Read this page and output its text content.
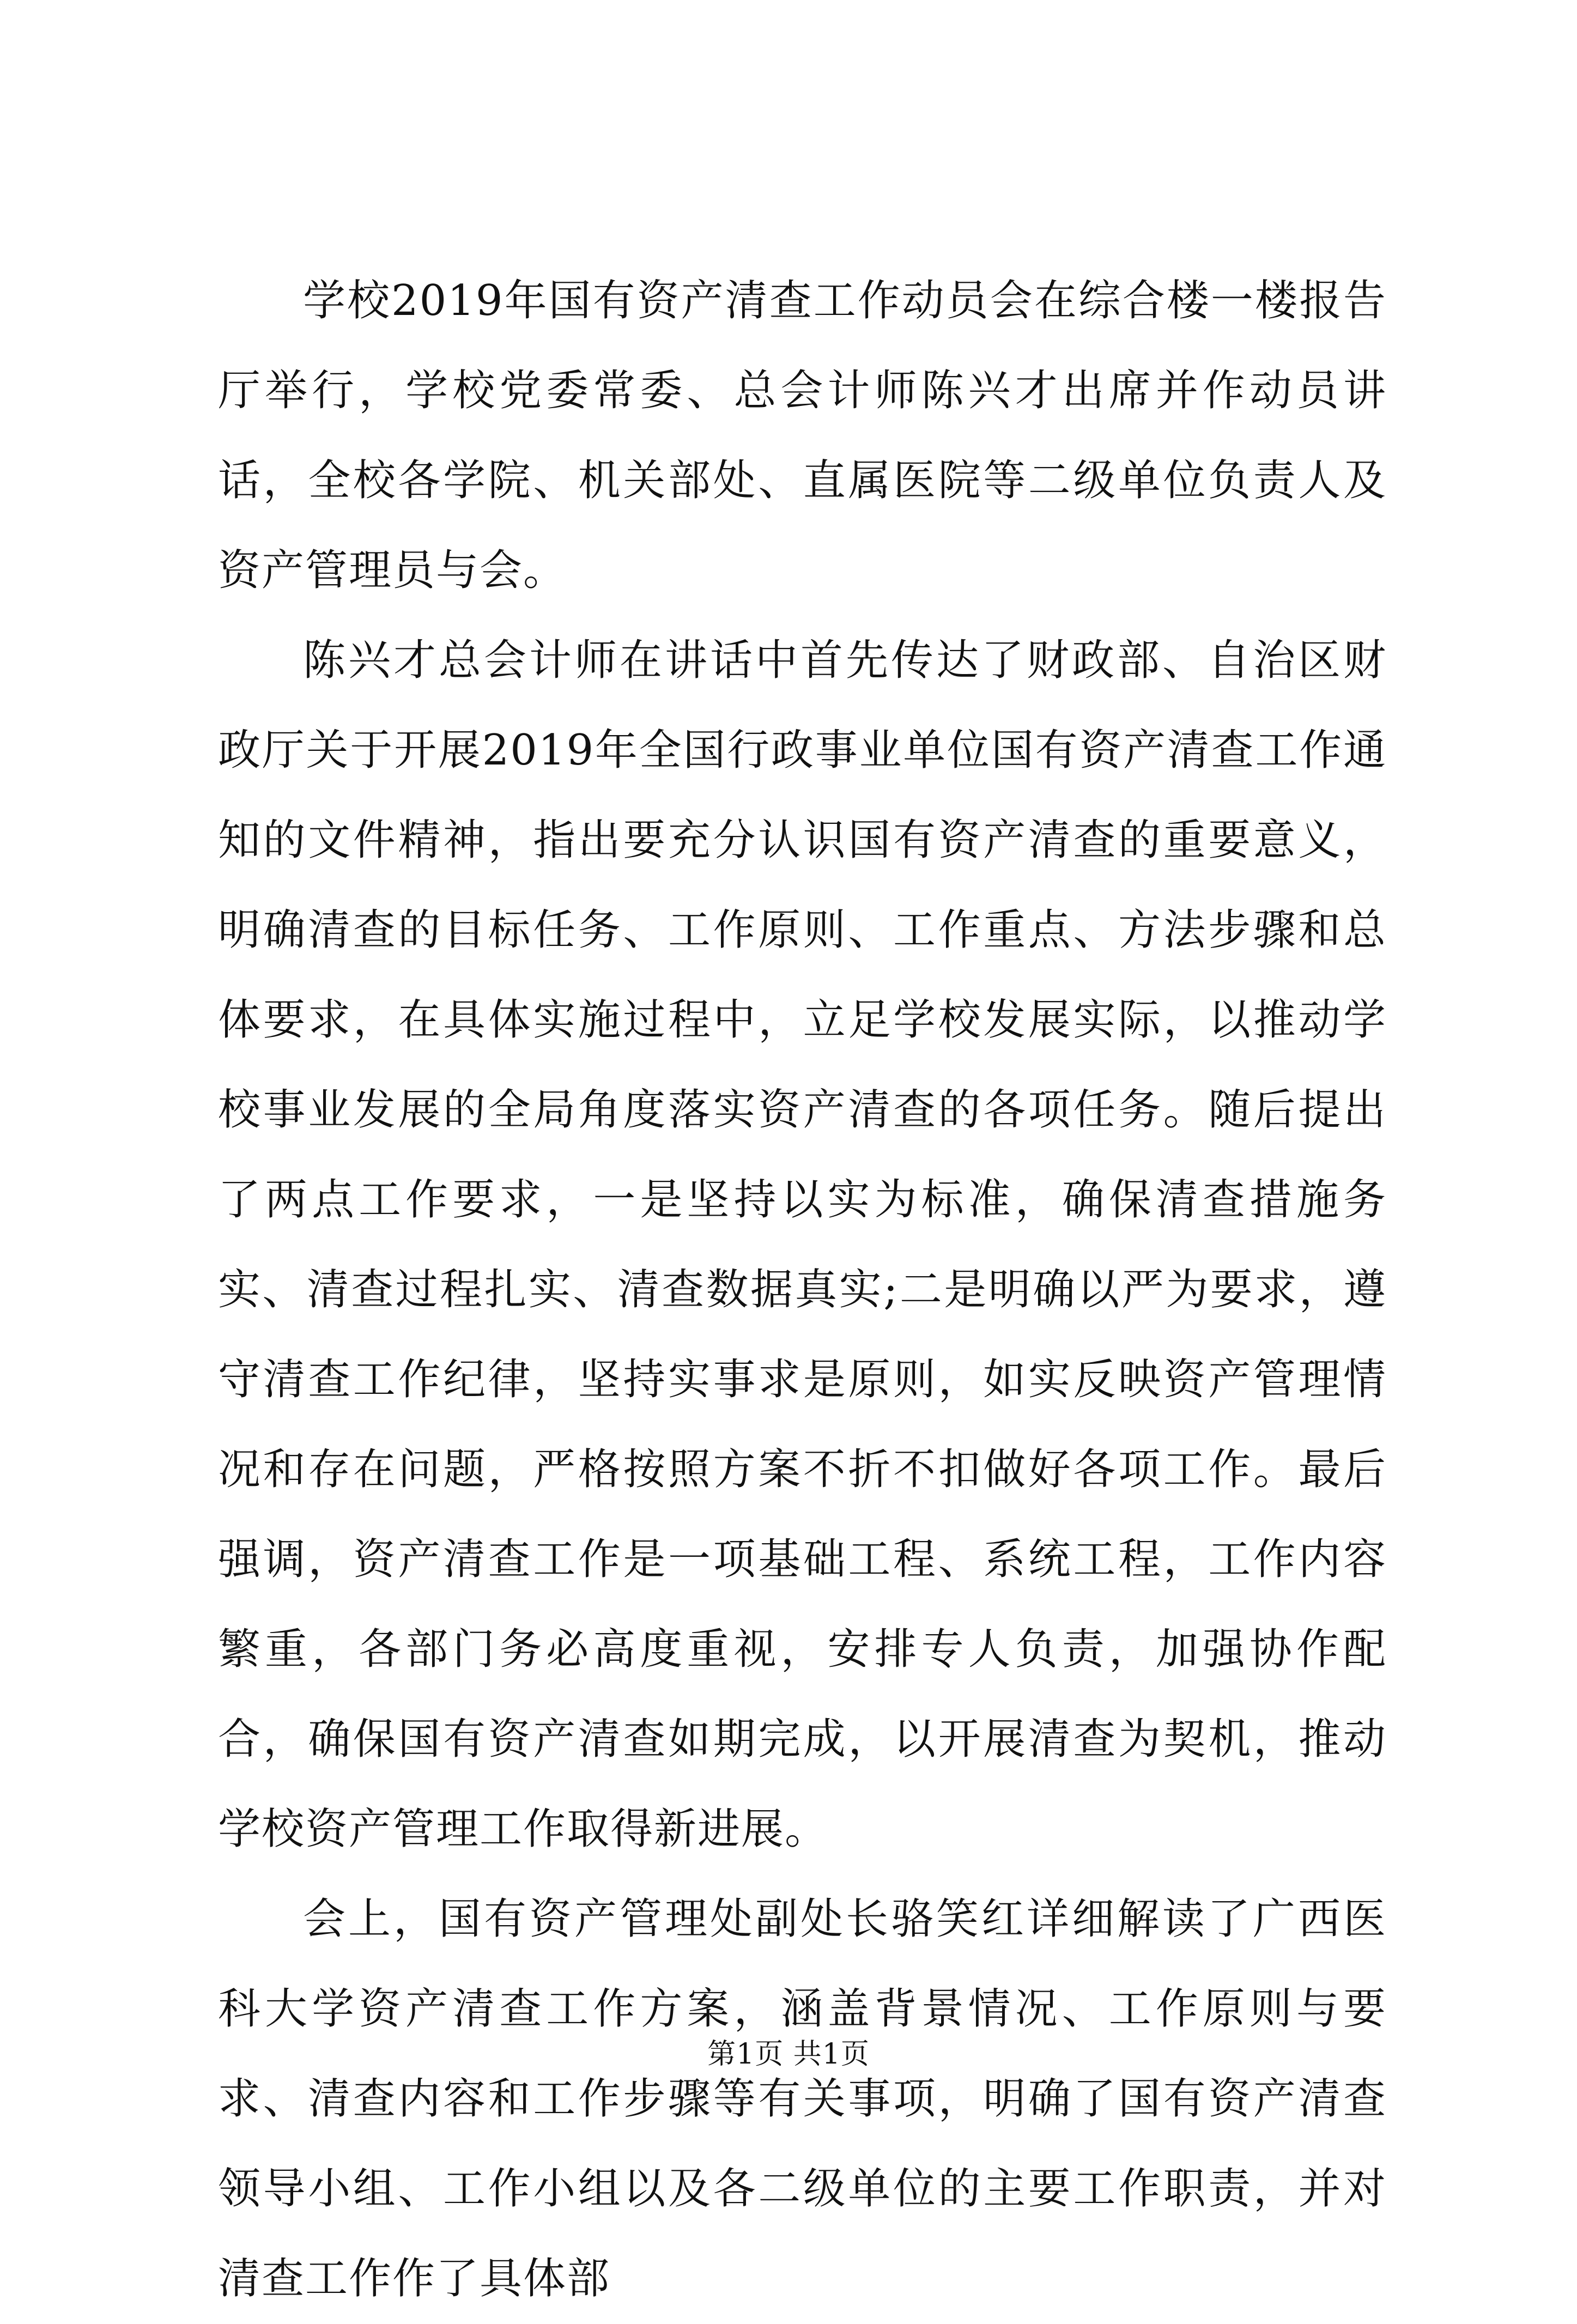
学校2019年国有资产清查工作动员会在综合楼一楼报告厅举行，学校党委常委、总会计师陈兴才出席并作动员讲话，全校各学院、机关部处、直属医院等二级单位负责人及资产管理员与会。

陈兴才总会计师在讲话中首先传达了财政部、自治区财政厅关于开展2019年全国行政事业单位国有资产清查工作通知的文件精神，指出要充分认识国有资产清查的重要意义，明确清查的目标任务、工作原则、工作重点、方法步骤和总体要求，在具体实施过程中，立足学校发展实际，以推动学校事业发展的全局角度落实资产清查的各项任务。随后提出了两点工作要求，一是坚持以实为标准，确保清查措施务实、清查过程扎实、清查数据真实;二是明确以严为要求，遵守清查工作纪律，坚持实事求是原则，如实反映资产管理情况和存在问题，严格按照方案不折不扣做好各项工作。最后强调，资产清查工作是一项基础工程、系统工程，工作内容繁重，各部门务必高度重视，安排专人负责，加强协作配合，确保国有资产清查如期完成，以开展清查为契机，推动学校资产管理工作取得新进展。

会上，国有资产管理处副处长骆笑红详细解读了广西医科大学资产清查工作方案，涵盖背景情况、工作原则与要求、清查内容和工作步骤等有关事项，明确了国有资产清查领导小组、工作小组以及各二级单位的主要工作职责，并对清查工作作了具体部

第1页 共1页
